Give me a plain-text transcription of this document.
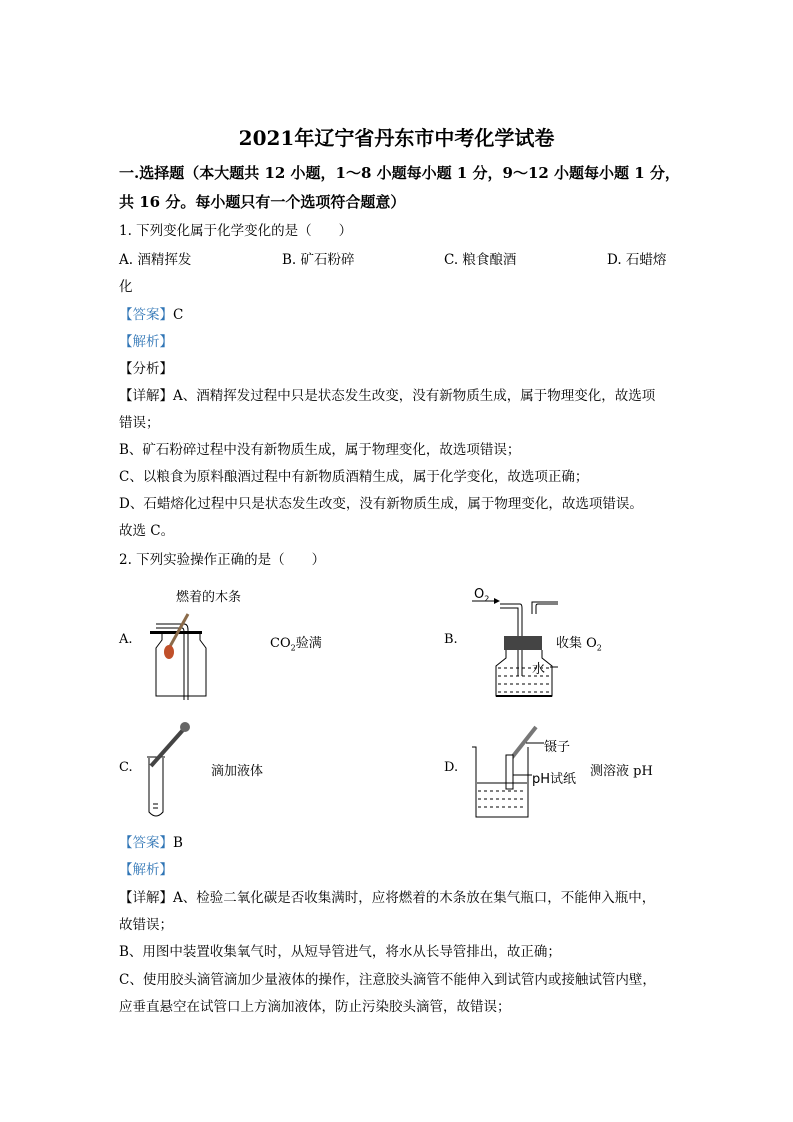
2021年辽宁省丹东市中考化学试卷
一.选择题（本大题共 12 小题，1～8 小题每小题 1 分，9～12 小题每小题 1 分，
共 16 分。每小题只有一个选项符合题意）
1. 下列变化属于化学变化的是（　　）
A. 酒精挥发	B. 矿石粉碎	C. 粮食酿酒	D. 石蜡熔
化
【答案】C
【解析】
【分析】
【详解】A、酒精挥发过程中只是状态发生改变，没有新物质生成，属于物理变化，故选项
错误；
B、矿石粉碎过程中没有新物质生成，属于物理变化，故选项错误；
C、以粮食为原料酿酒过程中有新物质酒精生成，属于化学变化，故选项正确；
D、石蜡熔化过程中只是状态发生改变，没有新物质生成，属于物理变化，故选项错误。
故选 C。
2. 下列实验操作正确的是（　　）
A.
燃着的木条
$CO_2$验满	B.
$O_2$
水
收集 $O_2$
C.	滴加液体	D.
镊子
pH试纸
测溶液 pH
【答案】B
【解析】
【详解】A、检验二氧化碳是否收集满时，应将燃着的木条放在集气瓶口，不能伸入瓶中，
故错误；
B、用图中装置收集氧气时，从短导管进气，将水从长导管排出，故正确；
C、使用胶头滴管滴加少量液体的操作，注意胶头滴管不能伸入到试管内或接触试管内壁，
应垂直悬空在试管口上方滴加液体，防止污染胶头滴管，故错误；
